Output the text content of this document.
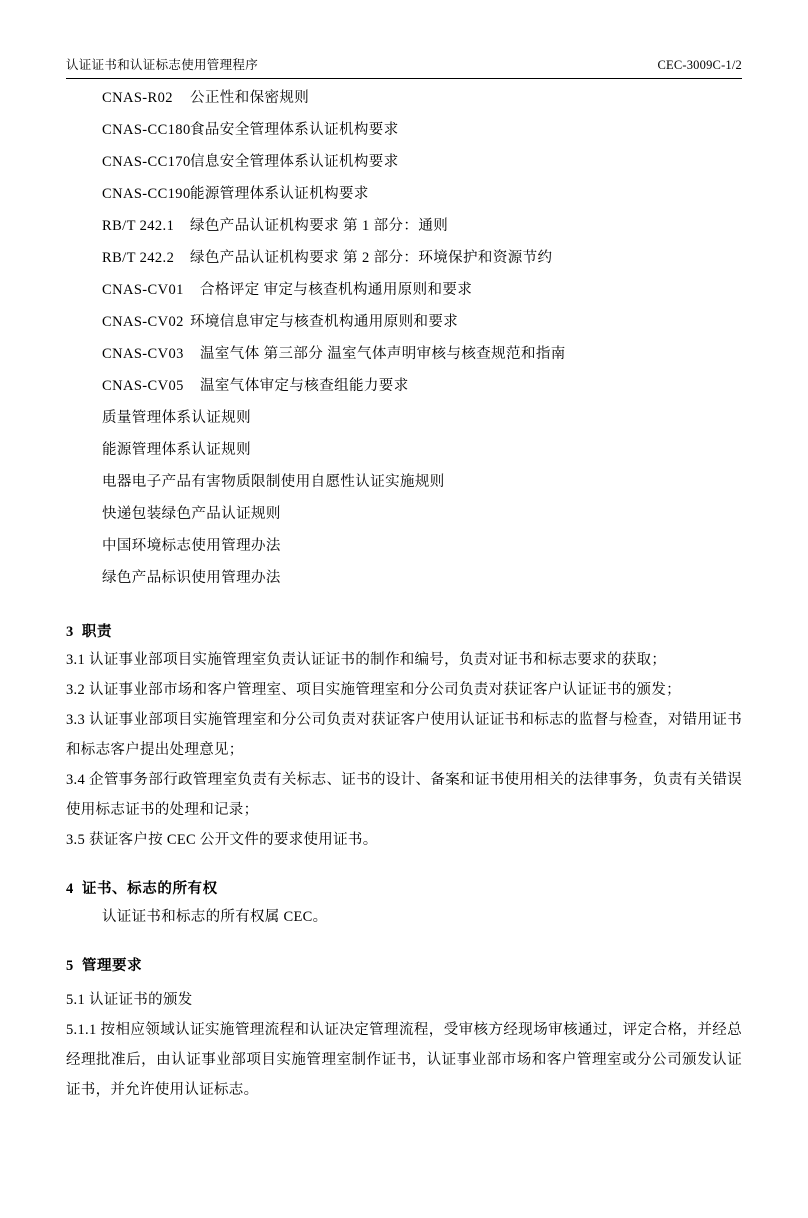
认证证书和认证标志使用管理程序	CEC-3009C-1/2
CNAS-R02	公正性和保密规则
CNAS-CC180 食品安全管理体系认证机构要求
CNAS-CC170 信息安全管理体系认证机构要求
CNAS-CC190 能源管理体系认证机构要求
RB/T 242.1	绿色产品认证机构要求 第 1 部分：通则
RB/T 242.2	绿色产品认证机构要求 第 2 部分：环境保护和资源节约
CNAS-CV01	合格评定 审定与核查机构通用原则和要求
CNAS-CV02 环境信息审定与核查机构通用原则和要求
CNAS-CV03	温室气体 第三部分 温室气体声明审核与核查规范和指南
CNAS-CV05	温室气体审定与核查组能力要求
质量管理体系认证规则
能源管理体系认证规则
电器电子产品有害物质限制使用自愿性认证实施规则
快递包装绿色产品认证规则
中国环境标志使用管理办法
绿色产品标识使用管理办法
3 职责
3.1 认证事业部项目实施管理室负责认证证书的制作和编号，负责对证书和标志要求的获取；
3.2 认证事业部市场和客户管理室、项目实施管理室和分公司负责对获证客户认证证书的颁发；
3.3 认证事业部项目实施管理室和分公司负责对获证客户使用认证证书和标志的监督与检查，对错用证书和标志客户提出处理意见；
3.4 企管事务部行政管理室负责有关标志、证书的设计、备案和证书使用相关的法律事务，负责有关错误使用标志证书的处理和记录；
3.5 获证客户按 CEC 公开文件的要求使用证书。
4 证书、标志的所有权
认证证书和标志的所有权属 CEC。
5 管理要求
5.1 认证证书的颁发
5.1.1 按相应领域认证实施管理流程和认证决定管理流程，受审核方经现场审核通过，评定合格，并经总经理批准后，由认证事业部项目实施管理室制作证书，认证事业部市场和客户管理室或分公司颁发认证证书，并允许使用认证标志。
